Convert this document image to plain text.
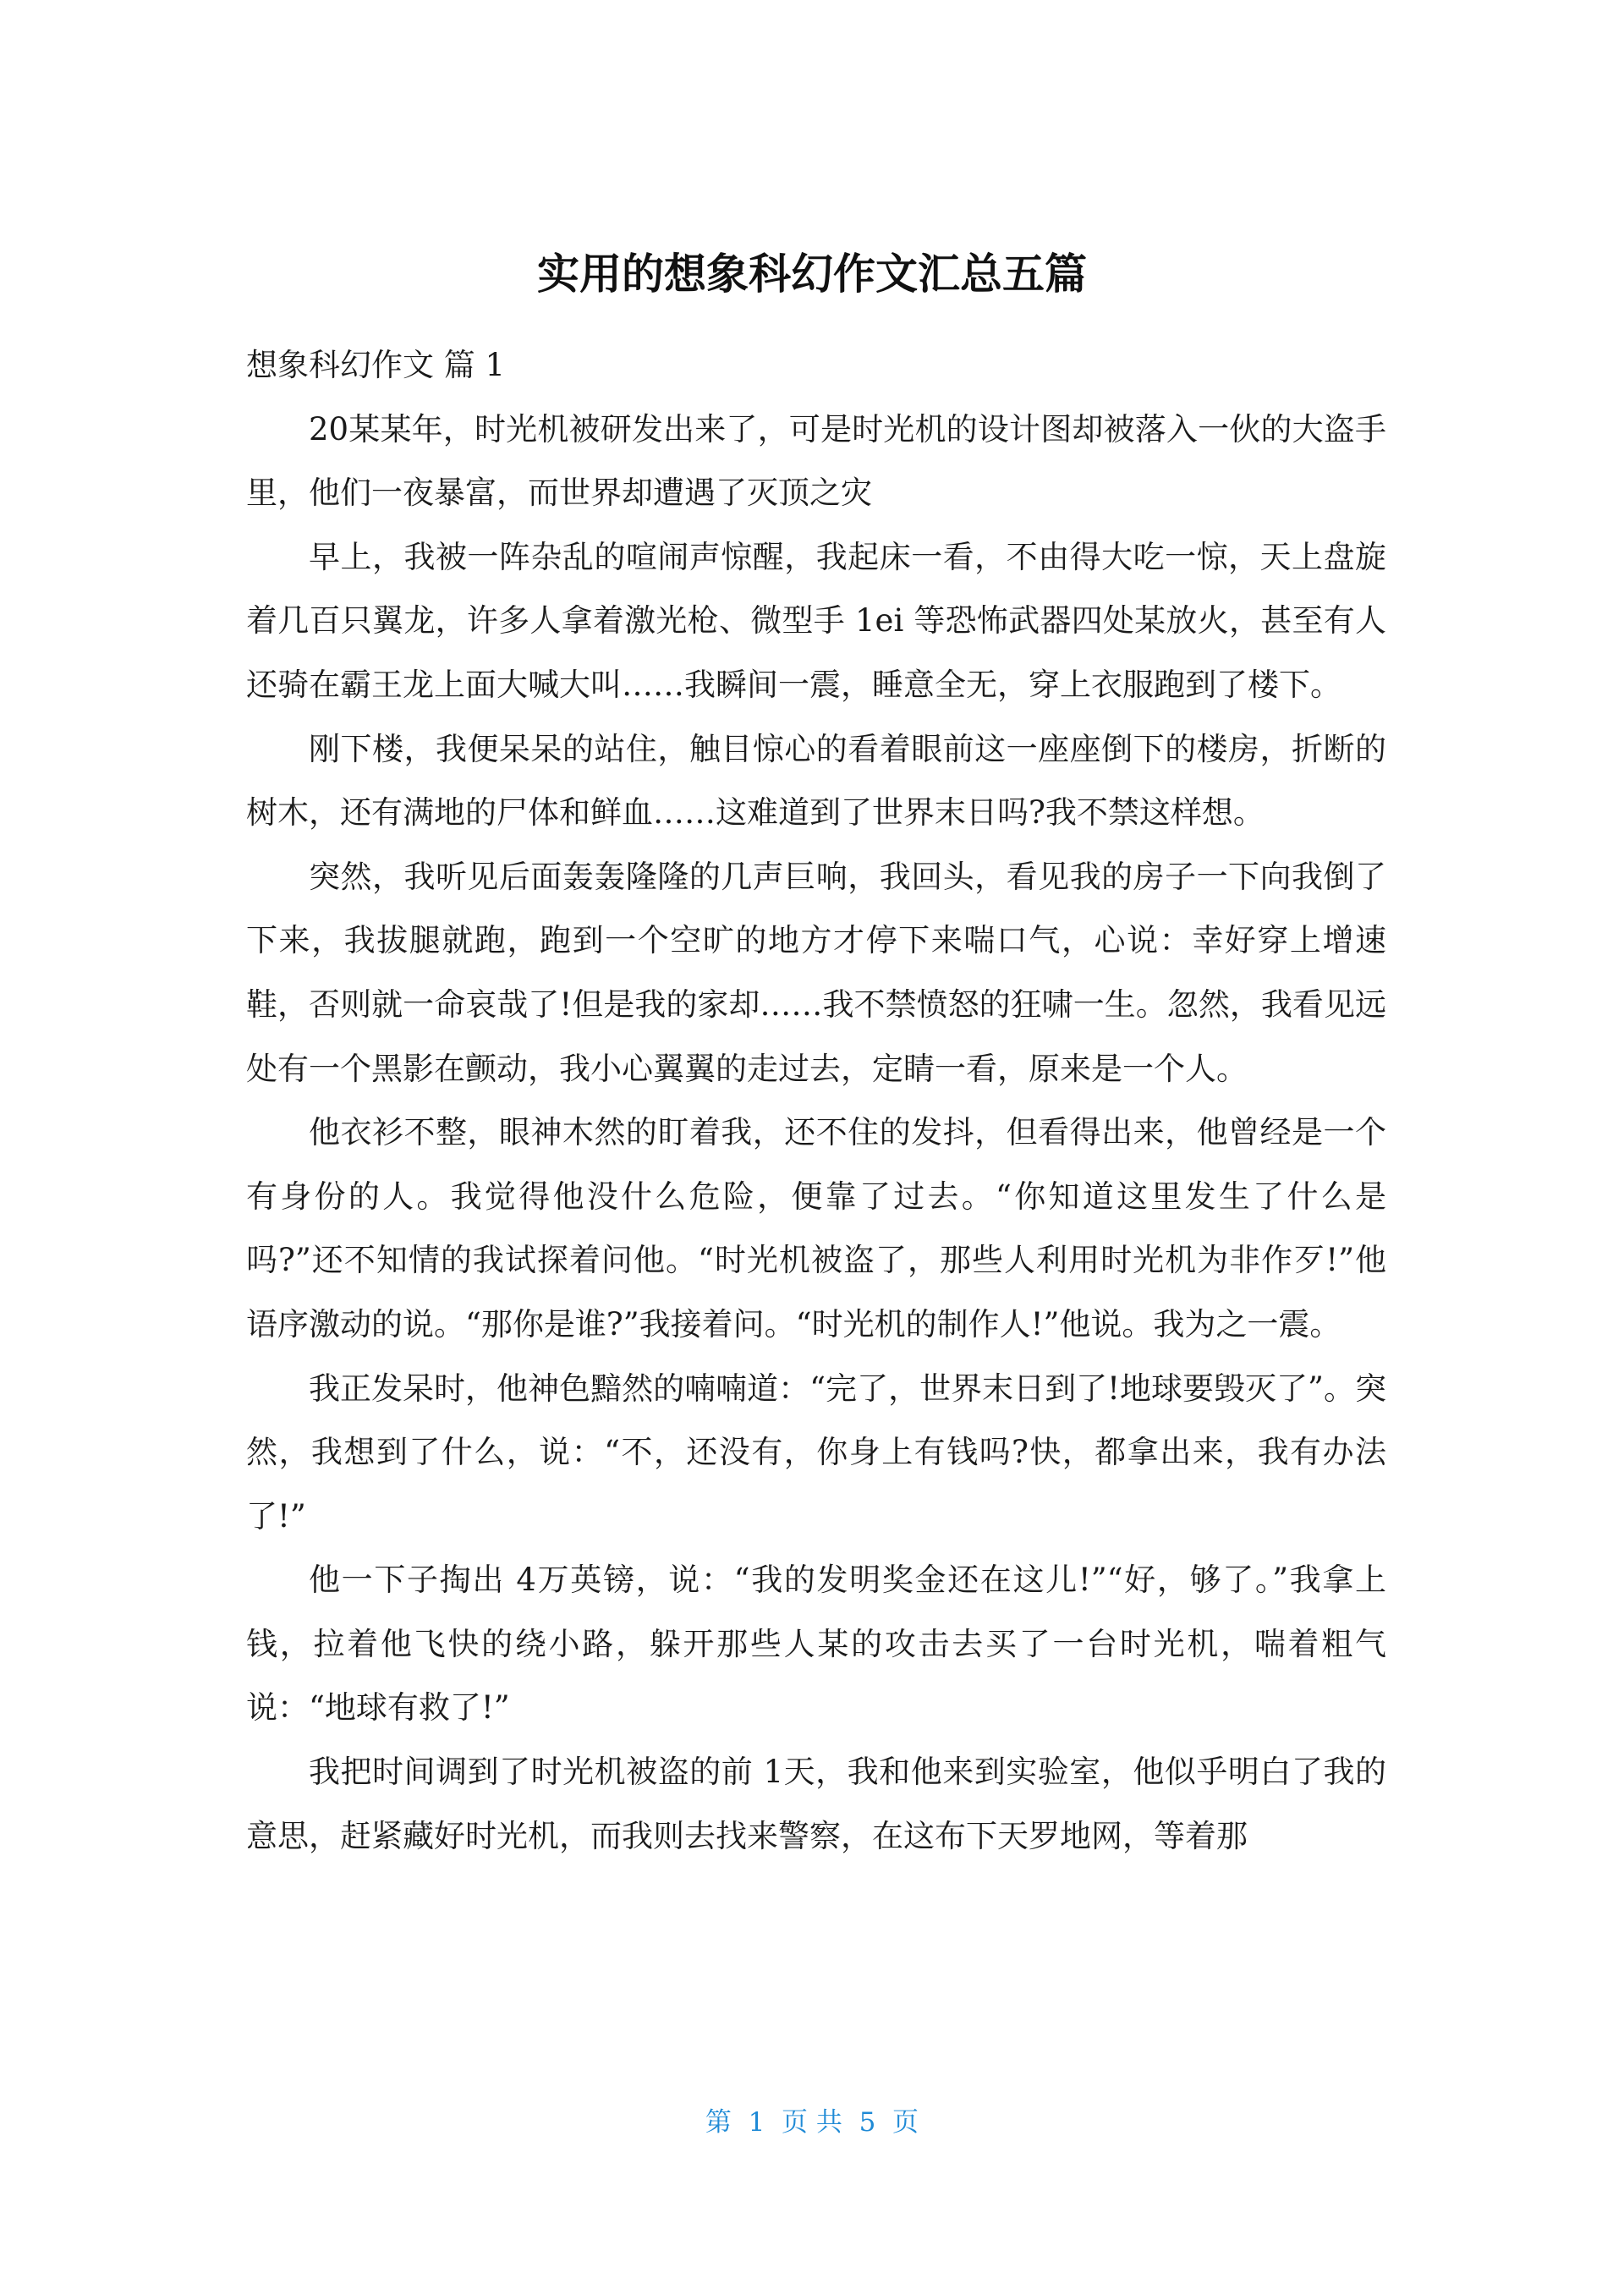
实用的想象科幻作文汇总五篇

想象科幻作文 篇 1

20某某年，时光机被研发出来了，可是时光机的设计图却被落入一伙的大盗手里，他们一夜暴富，而世界却遭遇了灭顶之灾

早上，我被一阵杂乱的喧闹声惊醒，我起床一看，不由得大吃一惊，天上盘旋着几百只翼龙，许多人拿着激光枪、微型手 1ei 等恐怖武器四处某放火，甚至有人还骑在霸王龙上面大喊大叫……我瞬间一震，睡意全无，穿上衣服跑到了楼下。

刚下楼，我便呆呆的站住，触目惊心的看着眼前这一座座倒下的楼房，折断的树木，还有满地的尸体和鲜血……这难道到了世界末日吗?我不禁这样想。

突然，我听见后面轰轰隆隆的几声巨响，我回头，看见我的房子一下向我倒了下来，我拔腿就跑，跑到一个空旷的地方才停下来喘口气，心说：幸好穿上增速鞋，否则就一命哀哉了!但是我的家却……我不禁愤怒的狂啸一生。忽然，我看见远处有一个黑影在颤动，我小心翼翼的走过去，定睛一看，原来是一个人。

他衣衫不整，眼神木然的盯着我，还不住的发抖，但看得出来，他曾经是一个有身份的人。我觉得他没什么危险，便靠了过去。“你知道这里发生了什么是吗?”还不知情的我试探着问他。“时光机被盗了，那些人利用时光机为非作歹!”他语序激动的说。“那你是谁?”我接着问。“时光机的制作人!”他说。我为之一震。

我正发呆时，他神色黯然的喃喃道：“完了，世界末日到了!地球要毁灭了”。突然，我想到了什么，说：“不，还没有，你身上有钱吗?快，都拿出来，我有办法了!”

他一下子掏出 4万英镑，说：“我的发明奖金还在这儿!”“好，够了。”我拿上钱，拉着他飞快的绕小路，躲开那些人某的攻击去买了一台时光机，喘着粗气说：“地球有救了!”

我把时间调到了时光机被盗的前 1天，我和他来到实验室，他似乎明白了我的意思，赶紧藏好时光机，而我则去找来警察，在这布下天罗地网，等着那

第  1  页 共  5  页
